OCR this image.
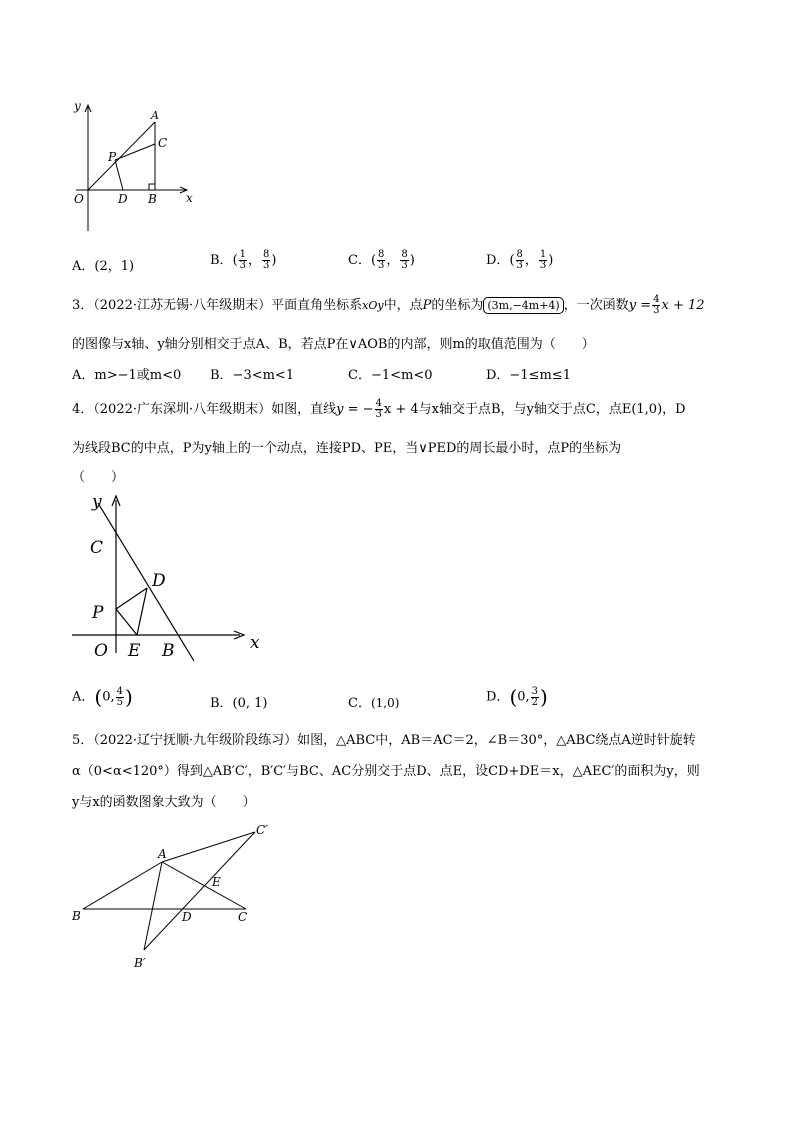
y
x
O
A
C
P
D B
A．(2，1)	B．( $\frac{1}{3}$ ， $\frac{8}{3}$ )	C．( $\frac{8}{3}$ ， $\frac{8}{3}$ )	D．( $\frac{8}{3}$ ， $\frac{1}{3}$ )
3．（2022·江苏无锡·八年级期末）平面直角坐标系xOy中，点P的坐标为 (3m,−4m+4) ，一次函数$y = \frac{4}{3}$ x + 12
的图像与x轴、y轴分别相交于点A、B，若点P在∨AOB的内部，则m的取值范围为（　　）
A．m>−1或m<0 B．−3<m<1	C．−1<m<0	D．−1≤m≤1
4．（2022·广东深圳·八年级期末）如图，直线y = − $\frac{4}{3}$ x + 4与x轴交于点B，与y轴交于点C，点E(1,0)，D
为线段BC的中点，P为y轴上的一个动点，连接PD、PE，当∨PED的周长最小时，点P的坐标为
（　　）
y
x
C
D
P
O E B
A．(0, $\frac{4}{5}$ )	B．(0, 1)	C．(1,0)	D．(0, $\frac{3}{2}$ )
5．（2022·辽宁抚顺·九年级阶段练习）如图，△ABC中，AB＝AC＝2，∠B＝30°，△ABC绕点A逆时针旋转
α（0<α<120°）得到△AB′C′，B′C′与BC、AC分别交于点D、点E，设CD+DE＝x，△AEC′的面积为y，则
y与x的函数图象大致为（　　）
A
C′
E
B	D	C
B′
